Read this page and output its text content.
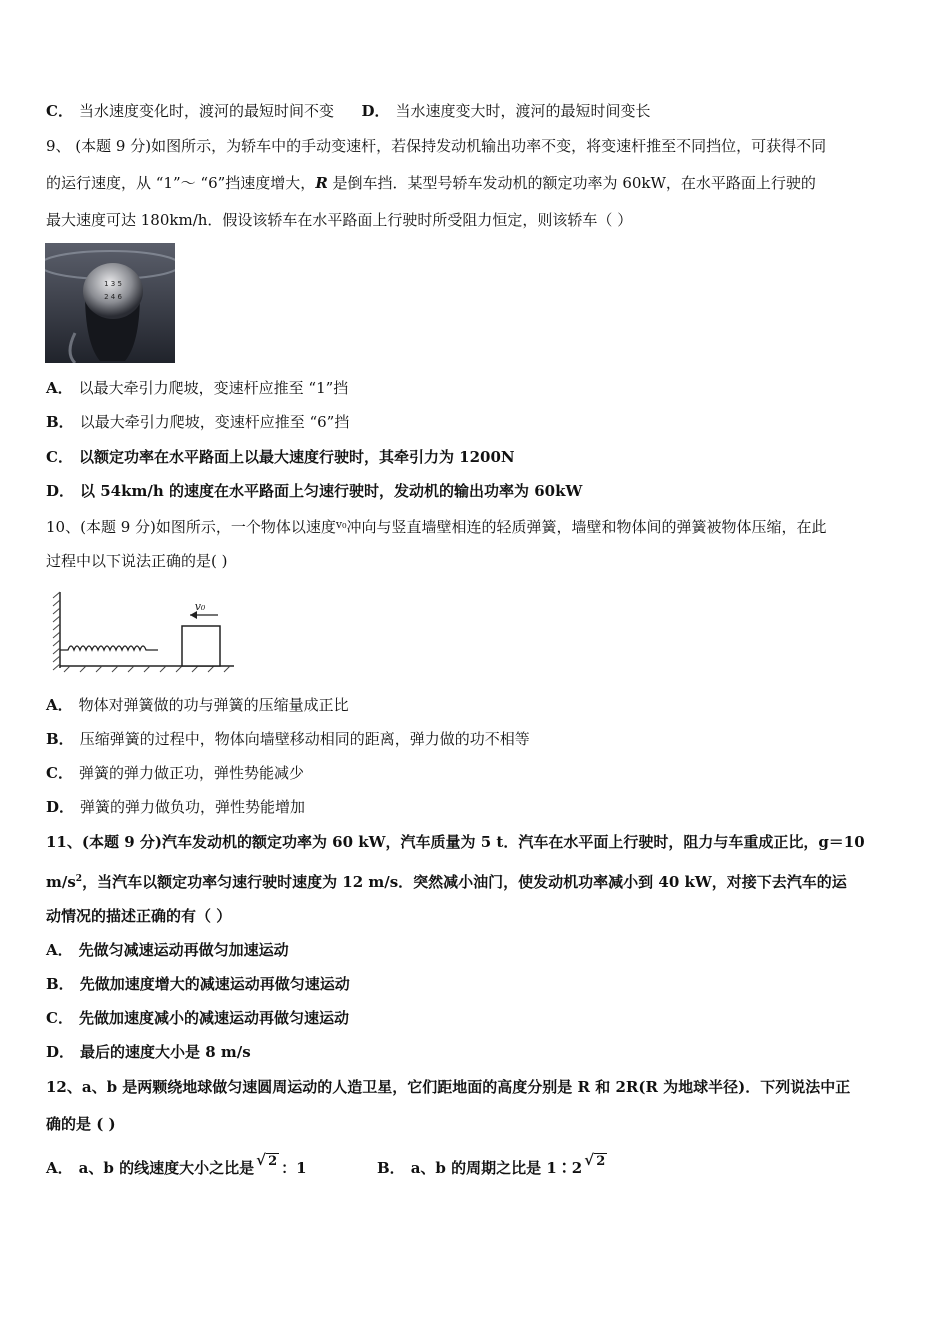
C． 当水速度变化时，渡河的最短时间不变 D． 当水速度变大时，渡河的最短时间变长
9、 (本题 9 分)如图所示，为轿车中的手动变速杆，若保持发动机输出功率不变，将变速杆推至不同挡位，可获得不同
的运行速度，从 “1”～ “6”挡速度增大，R 是倒车挡．某型号轿车发动机的额定功率为 60kW，在水平路面上行驶的
最大速度可达 180km/h．假设该轿车在水平路面上行驶时所受阻力恒定，则该轿车（ ）
1 3 5
2 4 6
A． 以最大牵引力爬坡，变速杆应推至 “1”挡
B． 以最大牵引力爬坡，变速杆应推至 “6”挡
C． 以额定功率在水平路面上以最大速度行驶时，其牵引力为 1200N
D． 以 54km/h 的速度在水平路面上匀速行驶时，发动机的输出功率为 60kW
10、(本题 9 分)如图所示，一个物体以速度$^{v_0}$冲向与竖直墙壁相连的轻质弹簧，墙壁和物体间的弹簧被物体压缩，在此
过程中以下说法正确的是( )
v₀
A． 物体对弹簧做的功与弹簧的压缩量成正比
B． 压缩弹簧的过程中，物体向墙壁移动相同的距离，弹力做的功不相等
C． 弹簧的弹力做正功，弹性势能减少
D． 弹簧的弹力做负功，弹性势能增加
11、(本题 9 分)汽车发动机的额定功率为 60 kW，汽车质量为 5 t．汽车在水平面上行驶时，阻力与车重成正比，g＝10
$m/s^2$，当汽车以额定功率匀速行驶时速度为 12 m/s．突然减小油门，使发动机功率减小到 40 kW，对接下去汽车的运
动情况的描述正确的有（ ）
A． 先做匀减速运动再做匀加速运动
B． 先做加速度增大的减速运动再做匀速运动
C． 先做加速度减小的减速运动再做匀速运动
D． 最后的速度大小是 8 m/s
12、a、b 是两颗绕地球做匀速圆周运动的人造卫星，它们距地面的高度分别是 R 和 2R(R 为地球半径)．下列说法中正
确的是 ( )
A． a、b 的线速度大小之比是 √ 2 ：1	B． a、b 的周期之比是 1∶2 √ 2
